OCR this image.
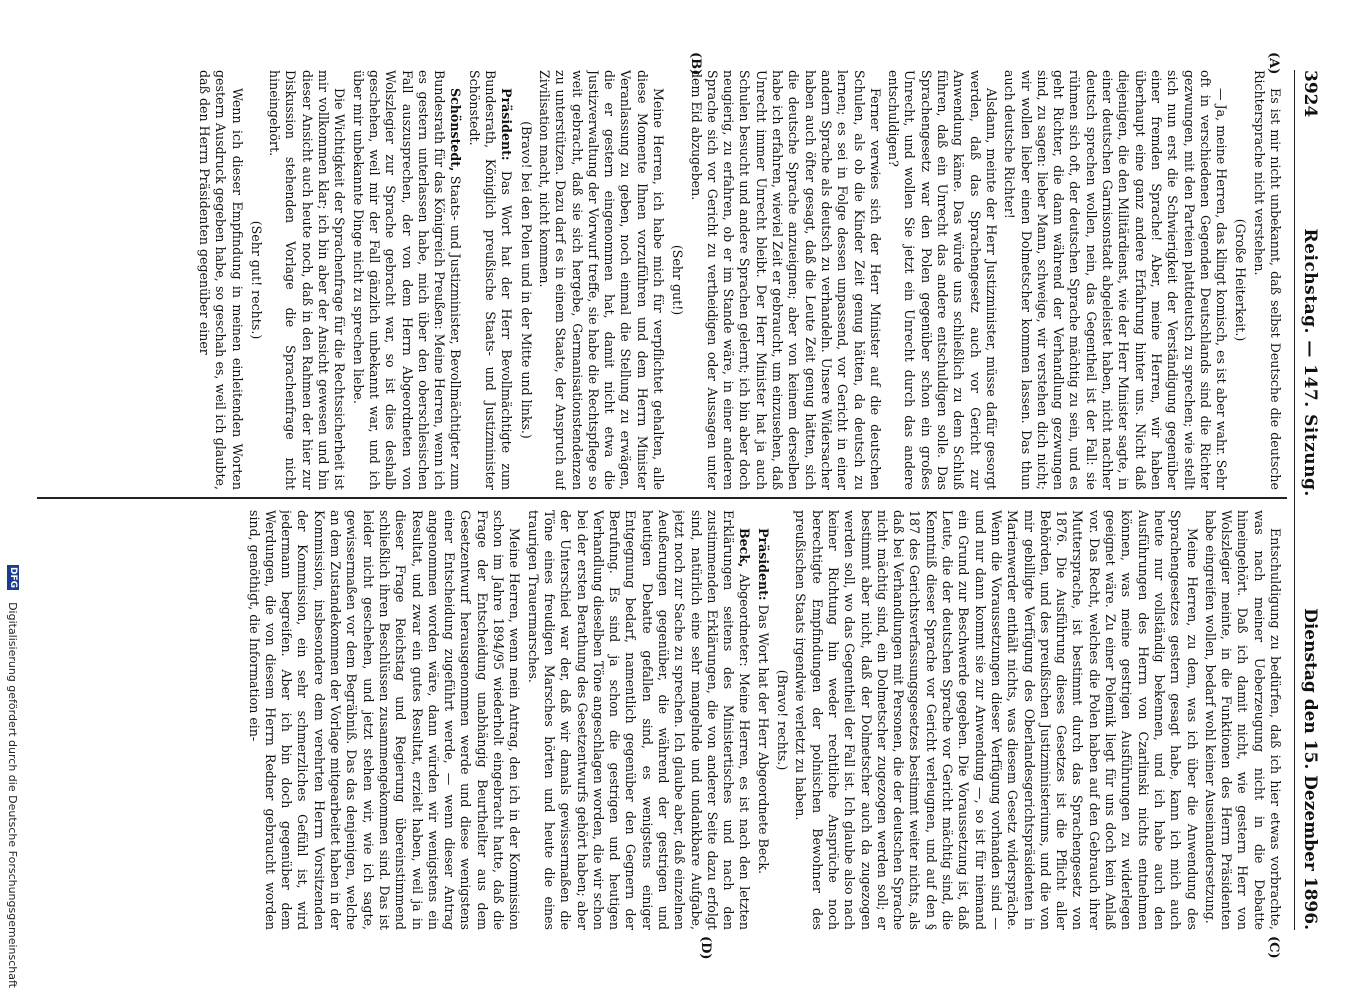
3924
Reichstag. — 147. Sitzung.
Dienstag den 15. Dezember 1896.
(A)
(B)
(C)
(D)

Es ist mir nicht unbekannt, daß selbst Deutsche die deutsche Richtersprache nicht verstehen.

(Große Heiterkeit.)

— Ja, meine Herren, das klingt komisch, es ist aber wahr. Sehr oft in verschiedenen Gegenden Deutschlands sind die Richter gezwungen, mit den Parteien plattdeutsch zu sprechen; wie stellt sich nun erst die Schwierigkeit der Verständigung gegenüber einer fremden Sprache! Aber, meine Herren, wir haben überhaupt eine ganz andere Erfahrung hinter uns. Nicht daß diejenigen, die den Militärdienst, wie der Herr Minister sagte, in einer deutschen Garnisonstadt abgeleistet haben, nicht nachher deutsch sprechen wollen, nein, das Gegentheil ist der Fall: sie rühmen sich oft, der deutschen Sprache mächtig zu sein, und es geht Richter, die dann während der Verhandlung gezwungen sind, zu sagen: lieber Mann, schweige, wir verstehen dich nicht; wir wollen lieber einen Dolmetscher kommen lassen. Das thun auch deutsche Richter!

Alsdann, meinte der Herr Justizminister, müsse dafür gesorgt werden, daß das Sprachengesetz auch vor Gericht zur Anwendung käme. Das würde uns schließlich zu dem Schluß führen, daß ein Unrecht das andere entschuldigen solle. Das Sprachengesetz war den Polen gegenüber schon ein großes Unrecht, und wollen Sie jetzt ein Unrecht durch das andere entschuldigen?

Ferner verwies sich der Herr Minister auf die deutschen Schulen, als ob die Kinder Zeit genug hätten, da deutsch zu lernen; es sei in Folge dessen unpassend, vor Gericht in einer andern Sprache als deutsch zu verhandeln. Unsere Widersacher haben auch öfter gesagt, daß die Leute Zeit genug hätten, sich die deutsche Sprache anzueignen; aber von keinem derselben habe ich erfahren, wieviel Zeit er gebraucht, um einzusehen, daß Unrecht immer Unrecht bleibt. Der Herr Minister hat ja auch Schulen besucht und andere Sprachen gelernt; ich bin aber doch neugierig, zu erfahren, ob er im Stande wäre, in einer anderen Sprache sich vor Gericht zu vertheidigen oder Aussagen unter dem Eid abzugeben.

(Sehr gut!)

Meine Herren, ich habe mich für verpflichtet gehalten, alle diese Momente Ihnen vorzuführen und dem Herrn Minister Veranlassung zu geben, noch einmal die Stellung zu erwägen, die er gestern eingenommen hat, damit nicht etwa die Justizverwaltung der Vorwurf treffe, sie habe die Rechtspflege so weit gebracht, daß sie sich hergebe, Germanisationstendenzen zu unterstützen. Dazu darf es in einem Staate, der Anspruch auf Zivilisation macht, nicht kommen.

(Bravo! bei den Polen und in der Mitte und links.)

Präsident: Das Wort hat der Herr Bevollmächtigte zum Bundesrath, Königlich preußische Staats- und Justizminister Schönstedt.

Schönstedt, Staats- und Justizminister, Bevollmächtigter zum Bundesrath für das Königreich Preußen: Meine Herren, wenn ich es gestern unterlassen habe, mich über den oberschlesischen Fall auszusprechen, der von dem Herrn Abgeordneten von Wolszlegier zur Sprache gebracht war, so ist dies deshalb geschehen, weil mir der Fall gänzlich unbekannt war, und ich über mir unbekannte Dinge nicht zu sprechen liebe.

Die Wichtigkeit der Sprachenfrage für die Rechtssicherheit ist mir vollkommen klar; ich bin aber der Ansicht gewesen und bin dieser Ansicht auch heute noch, daß in den Rahmen der hier zur Diskussion stehenden Vorlage die Sprachenfrage nicht hineingehört.

(Sehr gut! rechts.)

Wenn ich dieser Empfindung in meinen einleitenden Worten gestern Ausdruck gegeben habe, so geschah es, weil ich glaubte, daß den Herrn Präsidenten gegenüber einer

Entschuldigung zu bedürfen, daß ich hier etwas vorbrachte, was nach meiner Ueberzeugung nicht in die Debatte hineingehört. Daß ich damit nicht, wie gestern Herr von Wolszlegier meinte, in die Funktionen des Herrn Präsidenten habe eingreifen wollen, bedarf wohl keiner Auseinandersetzung.

Meine Herren, zu dem, was ich über die Anwendung des Sprachengesetzes gestern gesagt habe, kann ich mich auch heute nur vollständig bekennen, und ich habe auch den Ausführungen des Herrn von Czarlinski nichts entnehmen können, was meine gestrigen Ausführungen zu widerlegen geeignet wäre. Zu einer Polemik liegt für uns doch kein Anlaß vor. Das Recht, welches die Polen haben auf den Gebrauch ihrer Muttersprache, ist bestimmt durch das Sprachengesetz von 1876. Die Ausführung dieses Gesetzes ist die Pflicht aller Behörden, und des preußischen Justizministeriums, und die von mir gebilligte Verfügung des Oberlandesgerichtspräsidenten in Marienwerder enthält nichts, was diesem Gesetz widerspräche. Wenn die Voraussetzungen dieser Verfügung vorhanden sind — und nur dann kommt sie zur Anwendung —, so ist für niemand ein Grund zur Beschwerde gegeben. Die Voraussetzung ist, daß Leute, die der deutschen Sprache vor Gericht mächtig sind, die Kenntniß dieser Sprache vor Gericht verleugnen, und auf den § 187 des Gerichtsverfassungsgesetzes bestimmt weiter nichts, als daß bei Verhandlungen mit Personen, die der deutschen Sprache nicht mächtig sind, ein Dolmetscher zugezogen werden soll; er bestimmt aber nicht, daß der Dolmetscher auch da zugezogen werden soll, wo das Gegentheil der Fall ist. Ich glaube also nach keiner Richtung hin weder rechtliche Ansprüche noch berechtigte Empfindungen der polnischen Bewohner des preußischen Staats irgendwie verletzt zu haben.

(Bravo! rechts.)

Präsident: Das Wort hat der Herr Abgeordnete Beck.

Beck, Abgeordneter: Meine Herren, es ist nach den letzten Erklärungen seitens des Ministertisches und nach den zustimmenden Erklärungen, die von anderer Seite dazu erfolgt sind, natürlich eine sehr mangelnde und undankbare Aufgabe, jetzt noch zur Sache zu sprechen. Ich glaube aber, daß einzelnen Aeußerungen gegenüber, die während der gestrigen und heutigen Debatte gefallen sind, es wenigstens einiger Entgegnung bedarf, namentlich gegenüber den Gegnern der Berufung. Es sind ja schon die gestrigen und heutigen Verhandlung dieselben Töne angeschlagen worden, die wir schon bei der ersten Berathung des Gesetzentwurfs gehört haben; aber der Unterschied war der, daß wir damals gewissermaßen die Töne eines freudigen Marsches hörten und heute die eines traurigen Trauermarsches.

Meine Herren, wenn mein Antrag, den ich in der Kommission schon im Jahre 1894/95 wiederholt eingebracht hatte, daß die Frage der Entscheidung unabhängig Beurtheilter aus dem Gesetzentwurf herausgenommen werde und diese wenigstens einer Entscheidung zugeführt werde, — wenn dieser Antrag angenommen worden wäre, dann würden wir wenigstens ein Resultat, und zwar ein gutes Resultat, erzielt haben, weil ja in dieser Frage Reichstag und Regierung übereinstimmend schließlich ihren Beschlüssen zusammengekommen sind. Das ist leider nicht geschehen, und jetzt stehen wir, wie ich sagte, gewissermaßen vor dem Begräbniß. Das das denjenigen, welche an dem Zustandekommen der Vorlage mitgearbeitet haben in der Kommission, insbesondere dem verehrten Herrn Vorsitzenden der Kommission, ein sehr schmerzliches Gefühl ist, wird jedermann begreifen. Aber ich bin doch gegenüber dem Werdungen, die von diesem Herrn Redner gebraucht worden sind, genöthigt, die Information ein-

DFG
Digitalisierung gefördert durch die Deutsche Forschungsgemeinschaft
